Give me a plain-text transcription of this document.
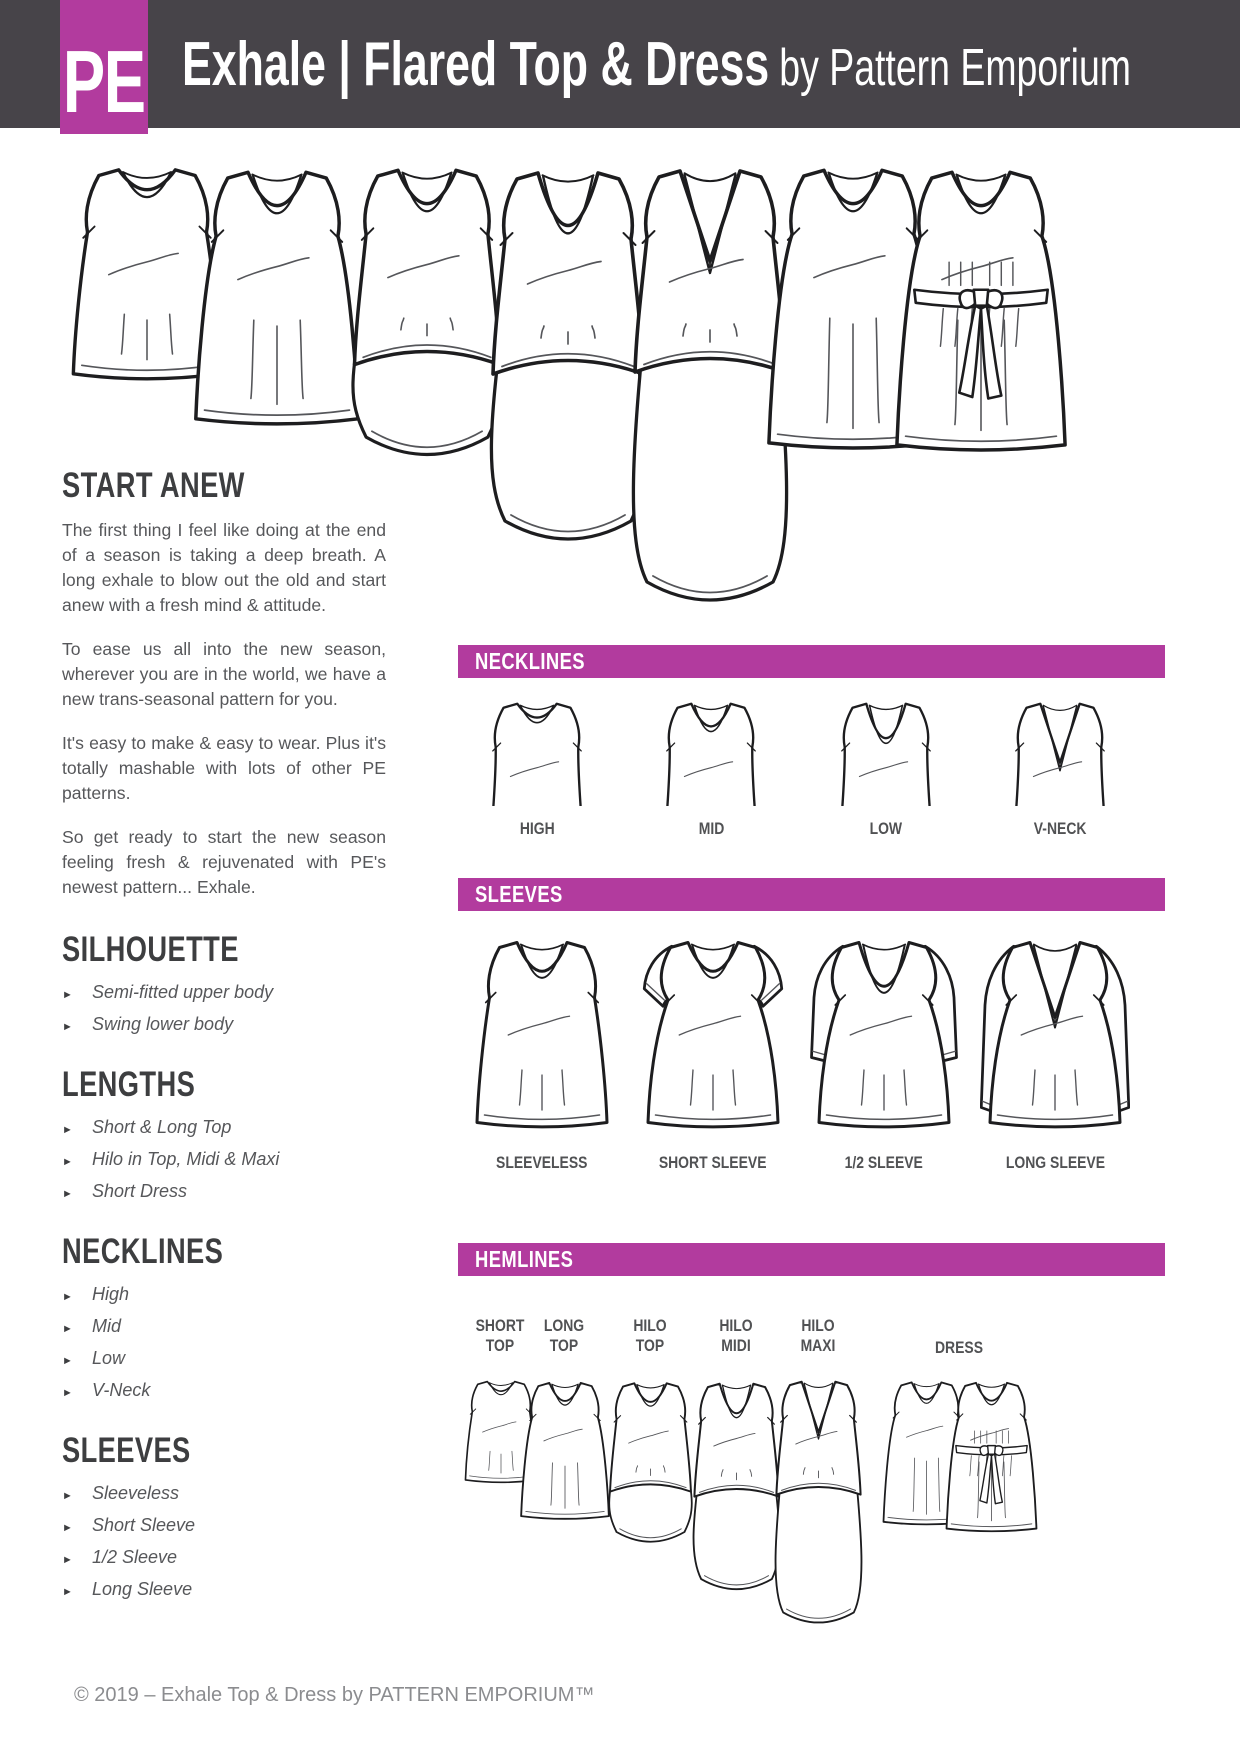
PE Exhale | Flared Top & Dress by Pattern Emporium
START ANEW

The first thing I feel like doing at the end of a season is taking a deep breath. A long exhale to blow out the old and start anew with a fresh mind & attitude.

To ease us all into the new season, wherever you are in the world, we have a new trans-seasonal pattern for you.

It's easy to make & easy to wear. Plus it's totally mashable with lots of other PE patterns.

So get ready to start the new season feeling fresh & rejuvenated with PE's newest pattern... Exhale.

SILHOUETTE
►	Semi-fitted upper body
►	Swing lower body
LENGTHS
►	Short & Long Top
►	Hilo in Top, Midi & Maxi
►	Short Dress
NECKLINES
►	High
►	Mid
►	Low
►	V-Neck
SLEEVES
►	Sleeveless
►	Short Sleeve
►	1/2 Sleeve
►	Long Sleeve
NECKLINES
HIGH	MID	LOW	V-NECK
SLEEVES
SLEEVELESS	SHORT SLEEVE	1/2 SLEEVE	LONG SLEEVE
HEMLINES
SHORT
TOP
LONG
TOP
HILO
TOP
HILO
MIDI
HILO
MAXI	DRESS
© 2019 – Exhale Top & Dress by PATTERN EMPORIUM™
